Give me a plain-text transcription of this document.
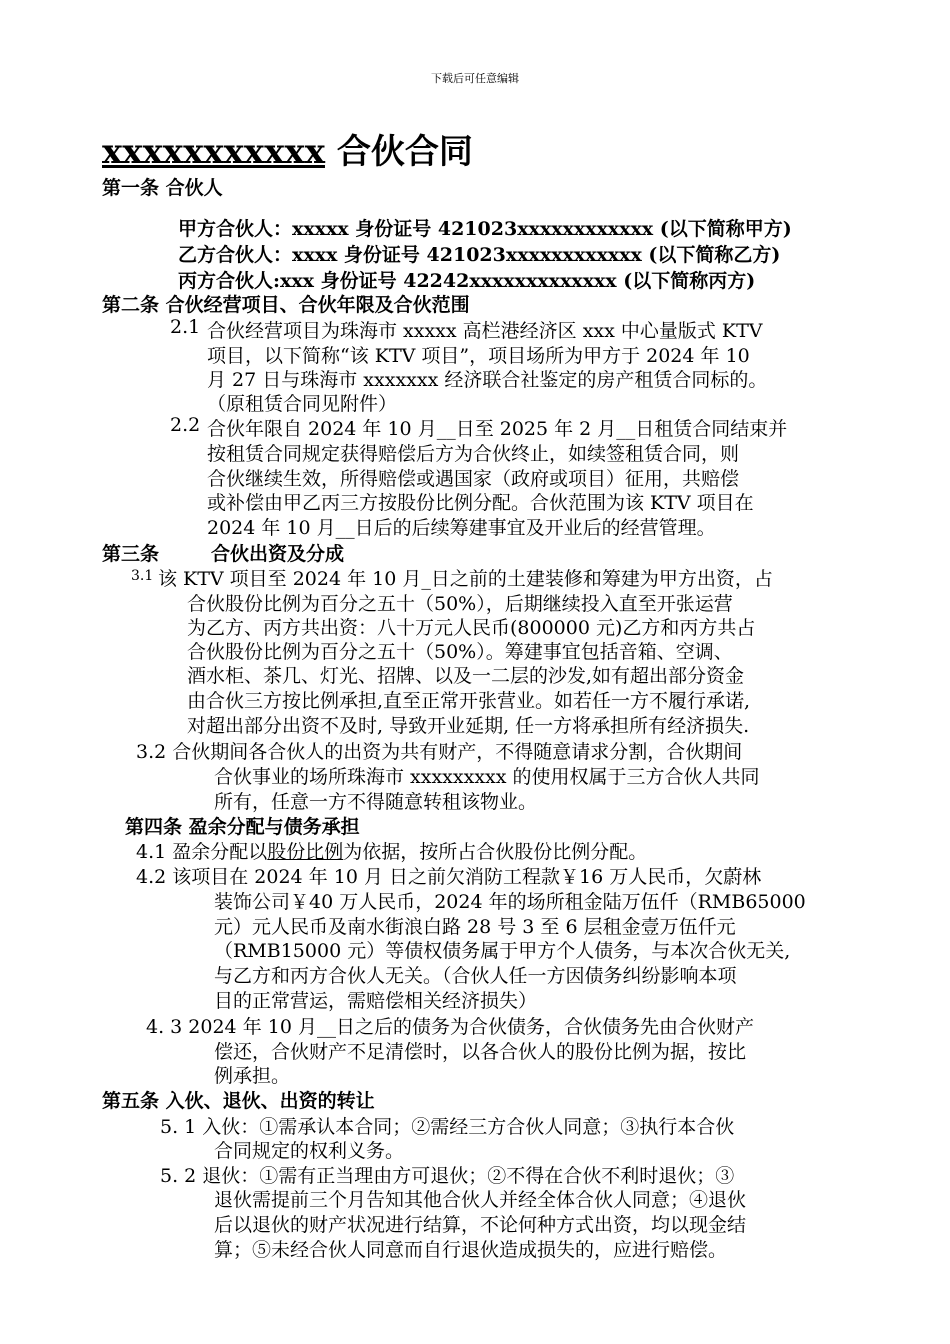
下载后可任意编辑
xxxxxxxxxxx 合伙合同
第一条 合伙人
甲方合伙人：xxxxx 身份证号 421023xxxxxxxxxxxx (以下简称甲方)
乙方合伙人：xxxx 身份证号 421023xxxxxxxxxxxx (以下简称乙方)
丙方合伙人:xxx 身份证号 42242xxxxxxxxxxxxx (以下简称丙方)
第二条 合伙经营项目、合伙年限及合伙范围
2.1 合伙经营项目为珠海市 xxxxx 高栏港经济区 xxx 中心量版式 KTV
项目，以下简称“该 KTV 项目”，项目场所为甲方于 2024 年 10
月 27 日与珠海市 xxxxxxx 经济联合社鉴定的房产租赁合同标的。
（原租赁合同见附件）
2.2 合伙年限自 2024 年 10 月__日至 2025 年 2 月__日租赁合同结束并
按租赁合同规定获得赔偿后方为合伙终止，如续签租赁合同，则
合伙继续生效，所得赔偿或遇国家（政府或项目）征用，共赔偿
或补偿由甲乙丙三方按股份比例分配。合伙范围为该 KTV 项目在
2024 年 10 月__日后的后续筹建事宜及开业后的经营管理。
第三条	合伙出资及分成
3.1 该 KTV 项目至 2024 年 10 月_日之前的土建装修和筹建为甲方出资，占
合伙股份比例为百分之五十（50%），后期继续投入直至开张运营
为乙方、丙方共出资：八十万元人民币(800000 元)乙方和丙方共占
合伙股份比例为百分之五十（50%）。筹建事宜包括音箱、空调、
酒水柜、茶几、灯光、招牌、以及一二层的沙发,如有超出部分资金
由合伙三方按比例承担,直至正常开张营业。如若任一方不履行承诺,
对超出部分出资不及时, 导致开业延期, 任一方将承担所有经济损失.
3.2 合伙期间各合伙人的出资为共有财产，不得随意请求分割，合伙期间
合伙事业的场所珠海市 xxxxxxxxx 的使用权属于三方合伙人共同
所有，任意一方不得随意转租该物业。
第四条 盈余分配与债务承担
4.1 盈余分配以股份比例为依据，按所占合伙股份比例分配。
4.2 该项目在 2024 年 10 月 日之前欠消防工程款￥16 万人民币，欠蔚林
装饰公司￥40 万人民币，2024 年的场所租金陆万伍仟（RMB65000
元）元人民币及南水街浪白路 28 号 3 至 6 层租金壹万伍仟元
（RMB15000 元）等债权债务属于甲方个人债务，与本次合伙无关,
与乙方和丙方合伙人无关。（合伙人任一方因债务纠纷影响本项
目的正常营运，需赔偿相关经济损失）
4. 3 2024 年 10 月__日之后的债务为合伙债务，合伙债务先由合伙财产
偿还，合伙财产不足清偿时，以各合伙人的股份比例为据，按比
例承担。
第五条 入伙、退伙、出资的转让
5. 1 入伙：①需承认本合同；②需经三方合伙人同意；③执行本合伙
合同规定的权利义务。
5. 2 退伙：①需有正当理由方可退伙；②不得在合伙不利时退伙；③
退伙需提前三个月告知其他合伙人并经全体合伙人同意；④退伙
后以退伙的财产状况进行结算，不论何种方式出资，均以现金结
算；⑤未经合伙人同意而自行退伙造成损失的，应进行赔偿。
